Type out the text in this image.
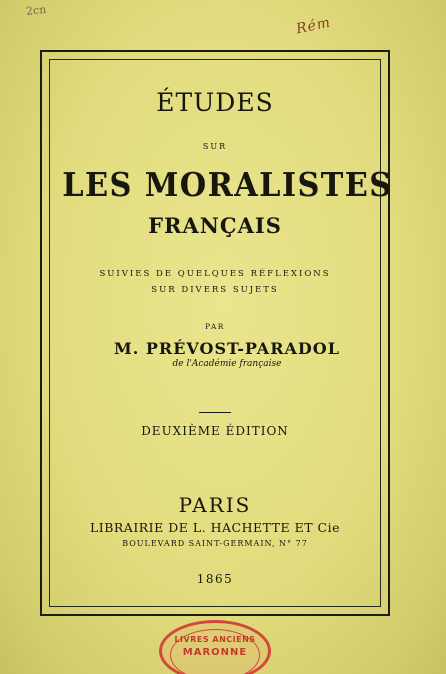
2cn
Rém
ÉTUDES
SUR
LES MORALISTES
FRANÇAIS
SUIVIES DE QUELQUES RÉFLEXIONS
SUR DIVERS SUJETS
PAR
M. PRÉVOST-PARADOL
de l'Académie française
DEUXIÈME ÉDITION
PARIS
LIBRAIRIE DE L. HACHETTE ET Cie
BOULEVARD SAINT-GERMAIN, N° 77
1865
LIVRES ANCIENS
MARONNE
